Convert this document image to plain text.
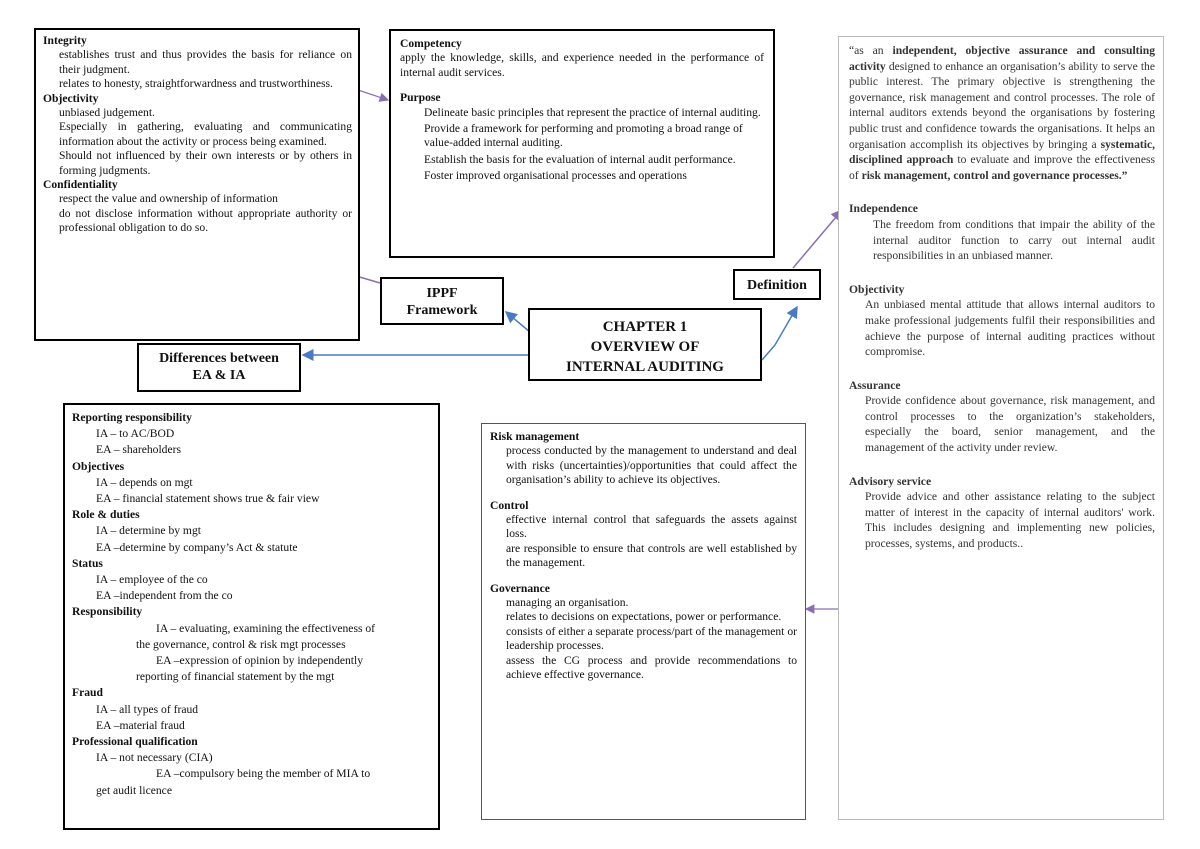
Integrity
establishes trust and thus provides the basis for reliance on their judgment.
relates to honesty, straightforwardness and trustworthiness.
Objectivity
unbiased judgement.
Especially in gathering, evaluating and communicating information about the activity or process being examined.
Should not influenced by their own interests or by others in forming judgments.
Confidentiality
respect the value and ownership of information
do not disclose information without appropriate authority or professional obligation to do so.
Competency
apply the knowledge, skills, and experience needed in the performance of internal audit services.
Purpose
Delineate basic principles that represent the practice of internal auditing.
Provide a framework for performing and promoting a broad range of value-added internal auditing.
Establish the basis for the evaluation of internal audit performance.
Foster improved organisational processes and operations
IPPF
Framework
Definition
CHAPTER 1
OVERVIEW OF
INTERNAL AUDITING
Differences between
EA & IA
Reporting responsibility
IA – to AC/BOD
EA – shareholders
Objectives
IA – depends on mgt
EA – financial statement shows true & fair view
Role & duties
IA – determine by mgt
EA –determine by company’s Act & statute
Status
IA – employee of the co
EA –independent from the co
Responsibility
IA – evaluating, examining the effectiveness of
the governance, control & risk mgt processes
EA –expression of opinion by independently
reporting of financial statement by the mgt
Fraud
IA – all types of fraud
EA –material fraud
Professional qualification
IA – not necessary (CIA)
EA –compulsory being the member of MIA to
get audit licence
Risk management
process conducted by the management to understand and deal with risks (uncertainties)/opportunities that could affect the organisation’s ability to achieve its objectives.
Control
effective internal control that safeguards the assets against loss.
are responsible to ensure that controls are well established by the management.
Governance
managing an organisation.
relates to decisions on expectations, power or performance.
consists of either a separate process/part of the management or leadership processes.
assess the CG process and provide recommendations to achieve effective governance.
“as an independent, objective assurance and consulting activity designed to enhance an organisation’s ability to serve the public interest. The primary objective is strengthening the governance, risk management and control processes. The role of internal auditors extends beyond the organisations by fostering public trust and confidence towards the organisations. It helps an organisation accomplish its objectives by bringing a systematic, disciplined approach to evaluate and improve the effectiveness of risk management, control and governance processes.”
Independence
The freedom from conditions that impair the ability of the internal auditor function to carry out internal audit responsibilities in an unbiased manner.
Objectivity
An unbiased mental attitude that allows internal auditors to make professional judgements fulfil their responsibilities and achieve the purpose of internal auditing practices without compromise.
Assurance
Provide confidence about governance, risk management, and control processes to the organization’s stakeholders, especially the board, senior management, and the management of the activity under review.
Advisory service
Provide advice and other assistance relating to the subject matter of interest in the capacity of internal auditors' work. This includes designing and implementing new policies, processes, systems, and products..
